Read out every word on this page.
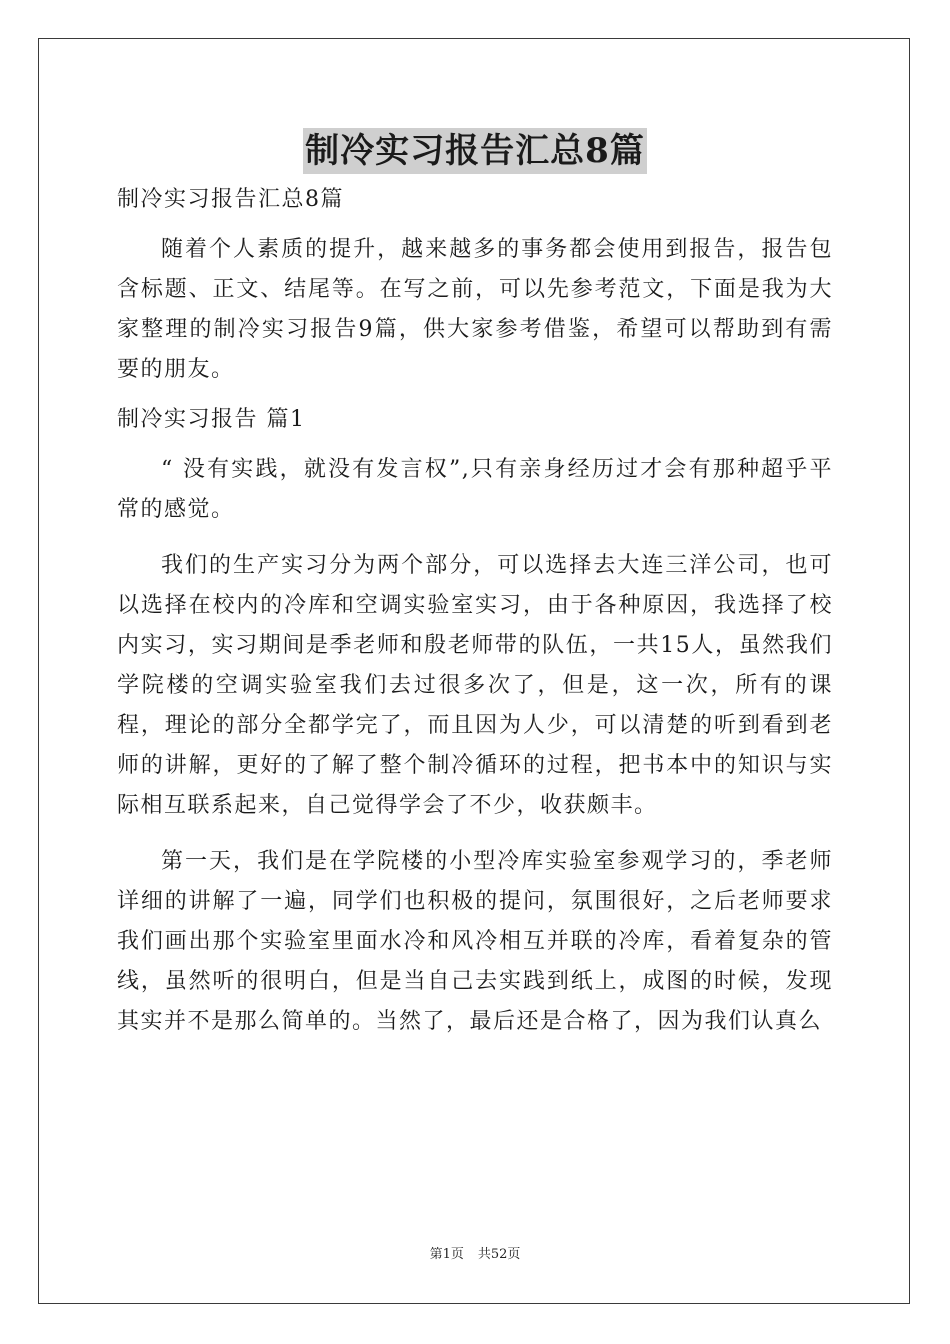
制冷实习报告汇总8篇

制冷实习报告汇总8篇

随着个人素质的提升，越来越多的事务都会使用到报告，报告包含标题、正文、结尾等。在写之前，可以先参考范文，下面是我为大家整理的制冷实习报告9篇，供大家参考借鉴，希望可以帮助到有需要的朋友。

制冷实习报告 篇1

“ 没有实践，就没有发言权”,只有亲身经历过才会有那种超乎平常的感觉。

我们的生产实习分为两个部分，可以选择去大连三洋公司，也可以选择在校内的冷库和空调实验室实习，由于各种原因，我选择了校内实习，实习期间是季老师和殷老师带的队伍，一共15人，虽然我们学院楼的空调实验室我们去过很多次了，但是，这一次，所有的课程，理论的部分全都学完了，而且因为人少，可以清楚的听到看到老师的讲解，更好的了解了整个制冷循环的过程，把书本中的知识与实际相互联系起来，自己觉得学会了不少，收获颇丰。

第一天，我们是在学院楼的小型冷库实验室参观学习的，季老师详细的讲解了一遍，同学们也积极的提问，氛围很好，之后老师要求我们画出那个实验室里面水冷和风冷相互并联的冷库，看着复杂的管线，虽然听的很明白，但是当自己去实践到纸上，成图的时候，发现其实并不是那么简单的。当然了，最后还是合格了，因为我们认真么

第1页 共52页
